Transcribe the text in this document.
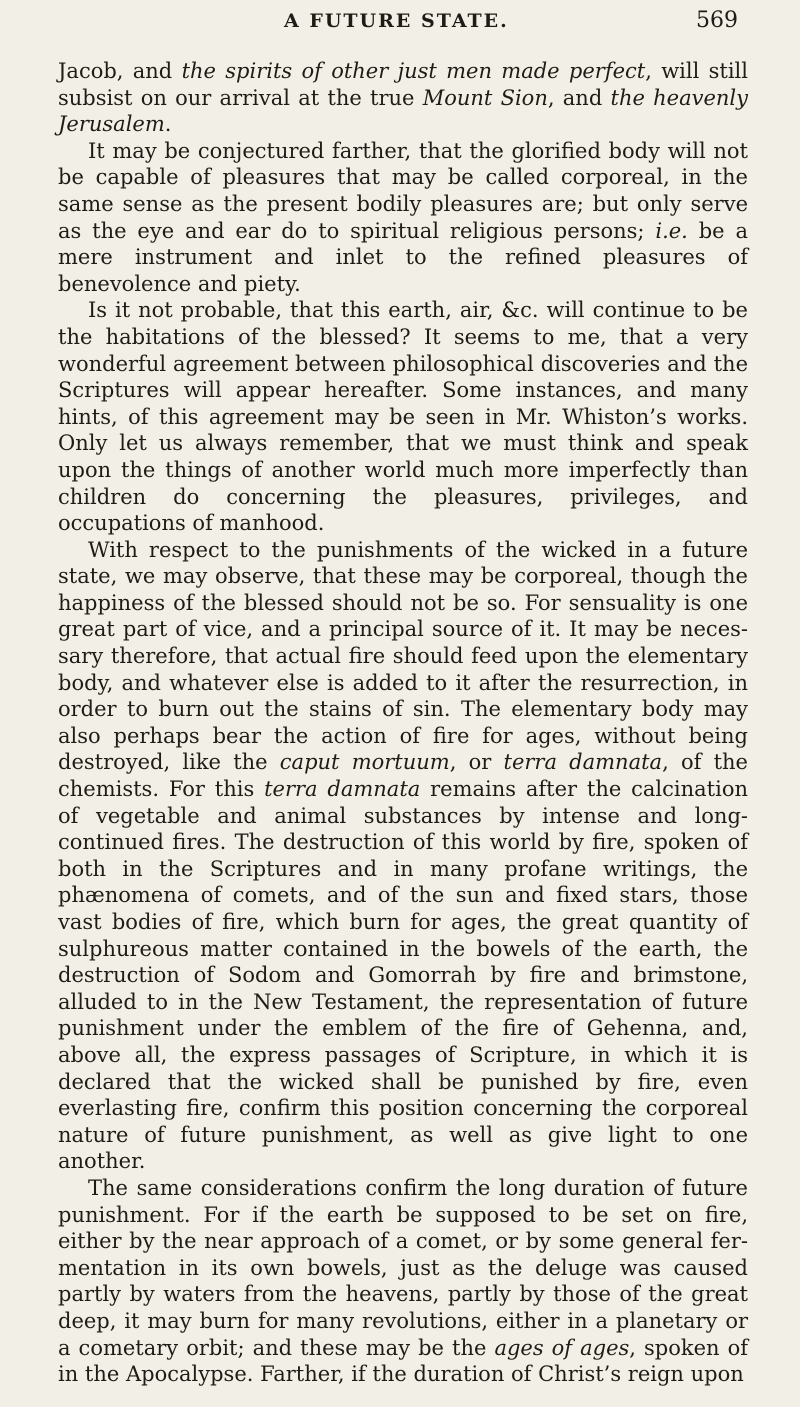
A FUTURE STATE.	569

Jacob, and the spirits of other just men made perfect, will still subsist on our arrival at the true Mount Sion, and the heavenly Jerusalem.

It may be conjectured farther, that the glorified body will not be capable of pleasures that may be called corporeal, in the same sense as the present bodily pleasures are; but only serve as the eye and ear do to spiritual religious persons; i.e. be a mere instrument and inlet to the refined pleasures of benevolence and piety.

Is it not probable, that this earth, air, &c. will continue to be the habitations of the blessed? It seems to me, that a very wonderful agreement between philosophical discoveries and the Scriptures will appear hereafter. Some instances, and many hints, of this agreement may be seen in Mr. Whiston’s works. Only let us always remember, that we must think and speak upon the things of another world much more imperfectly than children do concerning the pleasures, privileges, and occupations of manhood.

With respect to the punishments of the wicked in a future state, we may observe, that these may be corporeal, though the happiness of the blessed should not be so. For sensuality is one great part of vice, and a principal source of it. It may be neces-sary therefore, that actual fire should feed upon the elementary body, and whatever else is added to it after the resurrection, in order to burn out the stains of sin. The elementary body may also perhaps bear the action of fire for ages, without being destroyed, like the caput mortuum, or terra damnata, of the chemists. For this terra damnata remains after the calcination of vegetable and animal substances by intense and long-continued fires. The destruction of this world by fire, spoken of both in the Scriptures and in many profane writings, the phænomena of comets, and of the sun and fixed stars, those vast bodies of fire, which burn for ages, the great quantity of sulphureous matter contained in the bowels of the earth, the destruction of Sodom and Gomorrah by fire and brimstone, alluded to in the New Testament, the representation of future punishment under the emblem of the fire of Gehenna, and, above all, the express passages of Scripture, in which it is declared that the wicked shall be punished by fire, even everlasting fire, confirm this position concerning the corporeal nature of future punishment, as well as give light to one another.

The same considerations confirm the long duration of future punishment. For if the earth be supposed to be set on fire, either by the near approach of a comet, or by some general fer-mentation in its own bowels, just as the deluge was caused partly by waters from the heavens, partly by those of the great deep, it may burn for many revolutions, either in a planetary or a cometary orbit; and these may be the ages of ages, spoken of in the Apocalypse. Farther, if the duration of Christ’s reign upon
